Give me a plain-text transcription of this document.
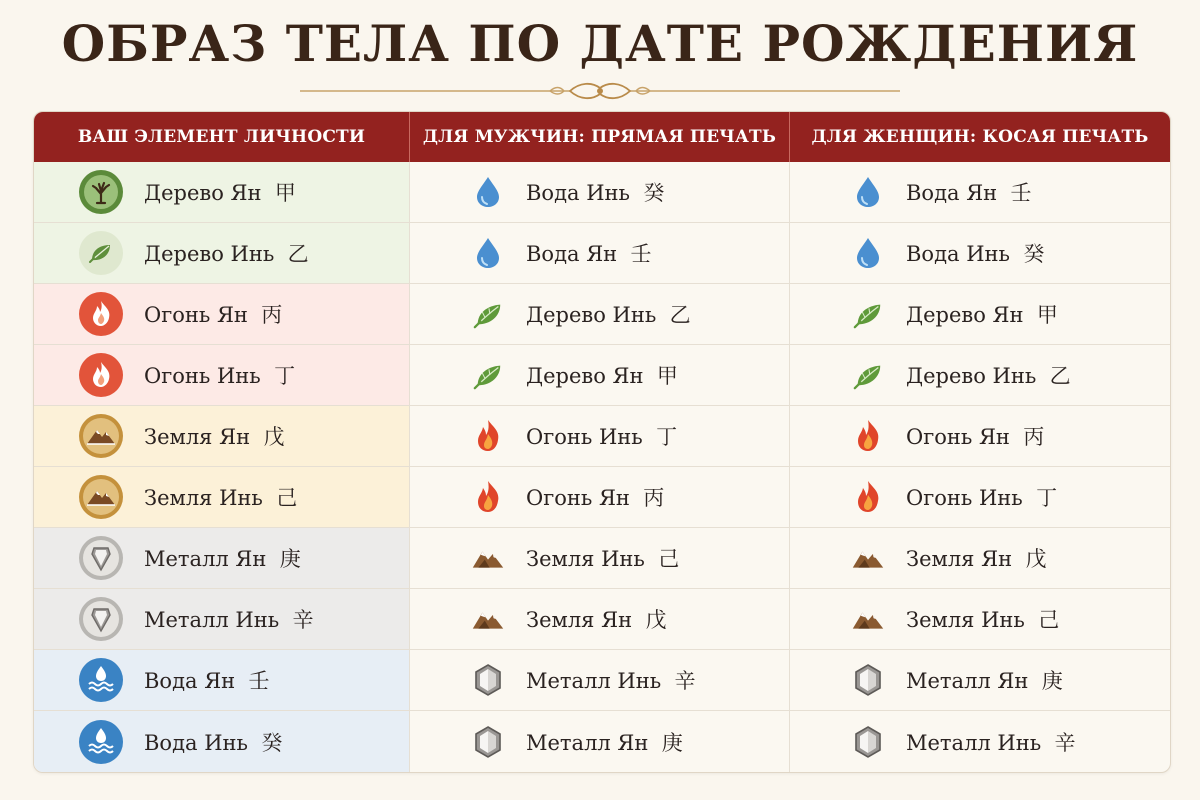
ОБРАЗ ТЕЛА ПО ДАТЕ РОЖДЕНИЯ
ВАШ ЭЛЕМЕНТ ЛИЧНОСТИ	ДЛЯ МУЖЧИН: ПРЯМАЯ ПЕЧАТЬ	ДЛЯ ЖЕНЩИН: КОСАЯ ПЕЧАТЬ
Дерево Ян 甲	Вода Инь 癸	Вода Ян 壬
Дерево Инь 乙	Вода Ян 壬	Вода Инь 癸
Огонь Ян 丙	Дерево Инь 乙	Дерево Ян 甲
Огонь Инь 丁	Дерево Ян 甲	Дерево Инь 乙
Земля Ян 戊	Огонь Инь 丁	Огонь Ян 丙
Земля Инь 己	Огонь Ян 丙	Огонь Инь 丁
Металл Ян 庚	Земля Инь 己	Земля Ян 戊
Металл Инь 辛	Земля Ян 戊	Земля Инь 己
Вода Ян 壬	Металл Инь 辛	Металл Ян 庚
Вода Инь 癸	Металл Ян 庚	Металл Инь 辛
